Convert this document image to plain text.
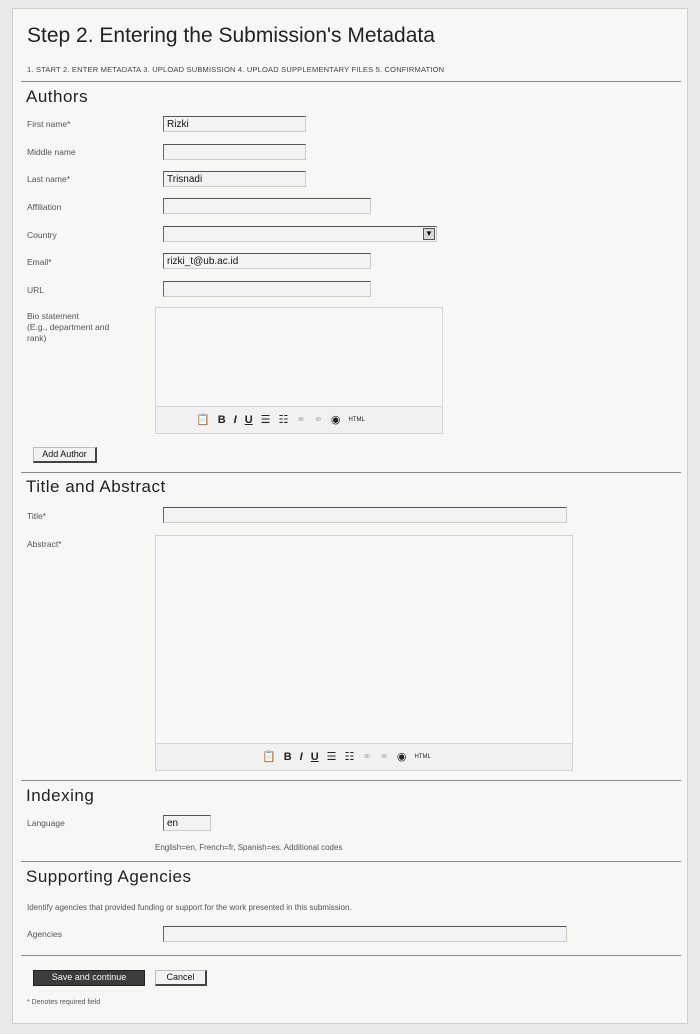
Step 2. Entering the Submission's Metadata
1. START 2. ENTER METADATA 3. UPLOAD SUBMISSION 4. UPLOAD SUPPLEMENTARY FILES 5. CONFIRMATION
Authors
First name*	Rizki
Middle name
Last name*	Trisnadi
Affiliation
Country	▼
Email*	rizki_t@ub.ac.id
URL
Bio statement
(E.g., department and
rank)
📋 B I U ☰ ☷ ⚭ ⚭ ◉ HTML
Add Author
Title and Abstract
Title*
Abstract*
📋 B I U ☰ ☷ ⚭ ⚭ ◉ HTML
Indexing
Language	en
English=en, French=fr, Spanish=es. Additional codes
Supporting Agencies
Identify agencies that provided funding or support for the work presented in this submission.
Agencies
Save and continue	Cancel
* Denotes required field
